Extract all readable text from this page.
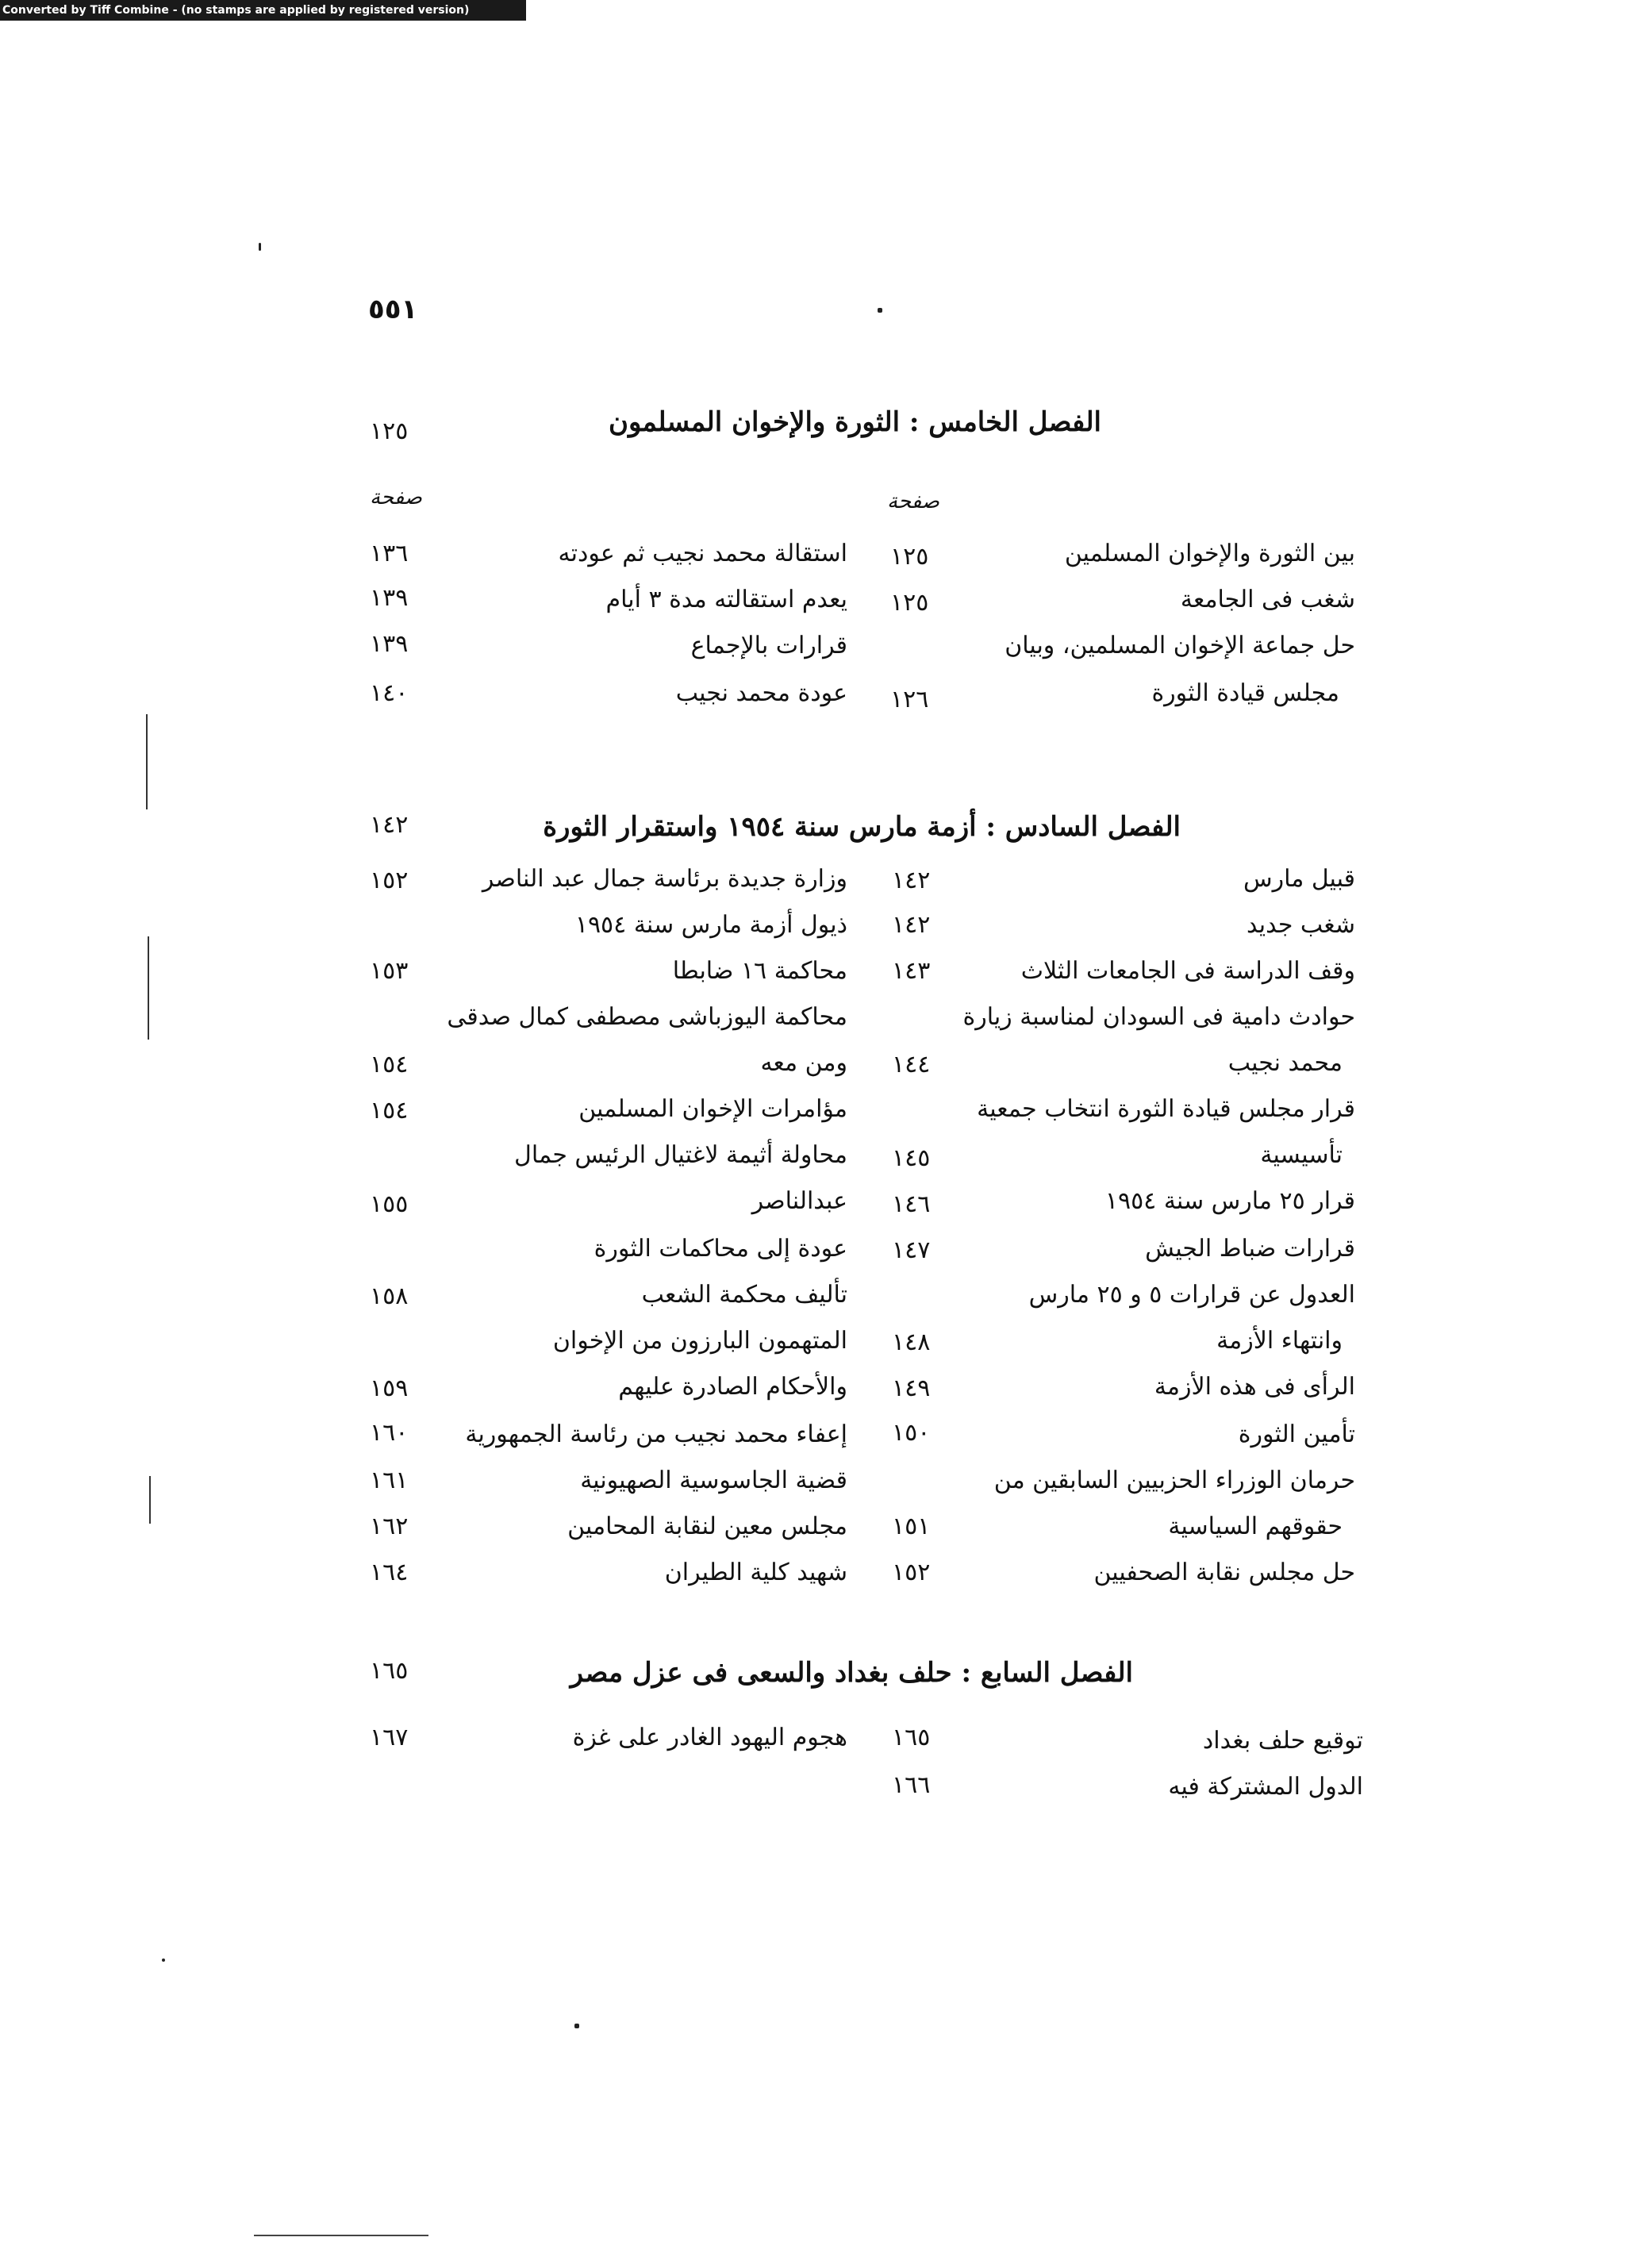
Converted by Tiff Combine - (no stamps are applied by registered version)
٥٥١
الفصل الخامس : الثورة والإخوان المسلمون
١٢٥
صفحة	صفحة
بين الثورة والإخوان المسلمين
١٢٥
شغب فى الجامعة
١٢٥
حل جماعة الإخوان المسلمين، وبيان
مجلس قيادة الثورة
١٢٦
استقالة محمد نجيب ثم عودته
١٣٦
يعدم استقالته مدة ٣ أيام
١٣٩
قرارات بالإجماع
١٣٩
عودة محمد نجيب
١٤٠
الفصل السادس : أزمة مارس سنة ١٩٥٤ واستقرار الثورة
١٤٢
قبيل مارس
١٤٢
شغب جديد
١٤٢
وقف الدراسة فى الجامعات الثلاث
١٤٣
حوادث دامية فى السودان لمناسبة زيارة
محمد نجيب
١٤٤
قرار مجلس قيادة الثورة انتخاب جمعية
تأسيسية
١٤٥
قرار ٢٥ مارس سنة ١٩٥٤
١٤٦
قرارات ضباط الجيش
١٤٧
العدول عن قرارات ٥ و ٢٥ مارس
وانتهاء الأزمة
١٤٨
الرأى فى هذه الأزمة
١٤٩
تأمين الثورة
١٥٠
حرمان الوزراء الحزبيين السابقين من
حقوقهم السياسية
١٥١
حل مجلس نقابة الصحفيين
١٥٢
وزارة جديدة برئاسة جمال عبد الناصر
١٥٢
ذيول أزمة مارس سنة ١٩٥٤
محاكمة ١٦ ضابطا
١٥٣
محاكمة اليوزباشى مصطفى كمال صدقى
ومن معه
١٥٤
مؤامرات الإخوان المسلمين
١٥٤
محاولة أثيمة لاغتيال الرئيس جمال
عبدالناصر
١٥٥
عودة إلى محاكمات الثورة
تأليف محكمة الشعب
١٥٨
المتهمون البارزون من الإخوان
والأحكام الصادرة عليهم
١٥٩
إعفاء محمد نجيب من رئاسة الجمهورية
١٦٠
قضية الجاسوسية الصهيونية
١٦١
مجلس معين لنقابة المحامين
١٦٢
شهيد كلية الطيران
١٦٤
الفصل السابع : حلف بغداد والسعى فى عزل مصر
١٦٥
توقيع حلف بغداد
١٦٥
الدول المشتركة فيه
١٦٦
هجوم اليهود الغادر على غزة
١٦٧
